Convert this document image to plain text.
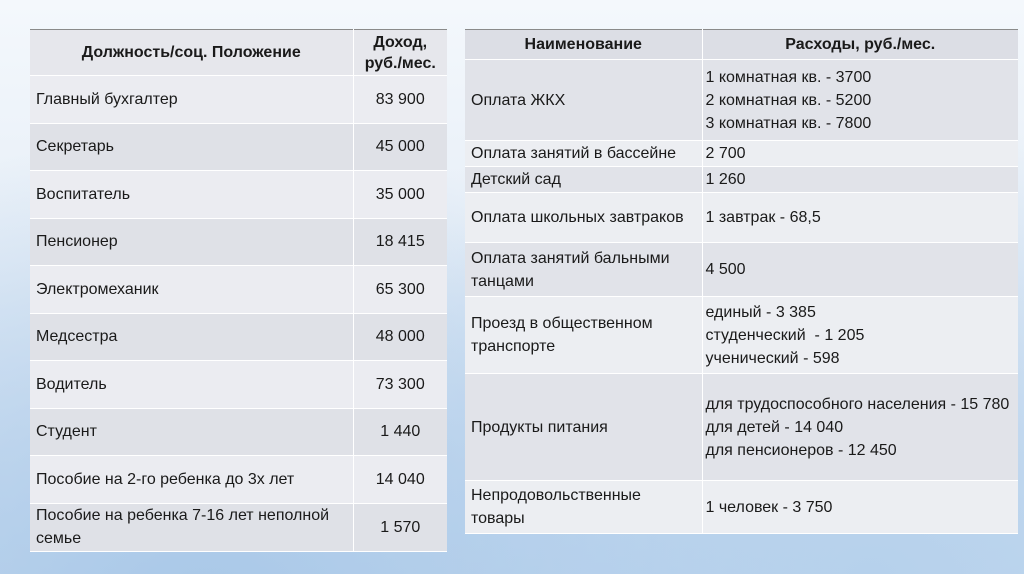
Должность/соц. Положение	Доход,
руб./мес.

Главный бухгалтер	83 900
Секретарь	45 000
Воспитатель	35 000
Пенсионер	18 415
Электромеханик	65 300
Медсестра	48 000
Водитель	73 300
Студент	1 440
Пособие на 2-го ребенка до 3х лет	14 040
Пособие на ребенка 7-16 лет неполной семье	1 570
Наименование	Расходы, руб./мес.
Оплата ЖКХ	1 комнатная кв. - 3700
2 комнатная кв. - 5200
3 комнатная кв. - 7800

Оплата занятий в бассейне	2 700

Детский сад	1 260

Оплата школьных завтраков	1 завтрак - 68,5

Оплата занятий бальными танцами	4 500

Проезд в общественном транспорте	единый - 3 385
студенческий  - 1 205
ученический - 598

Продукты питания	для трудоспособного населения - 15 780
для детей - 14 040
для пенсионеров - 12 450

Непродовольственные товары	1 человек - 3 750
